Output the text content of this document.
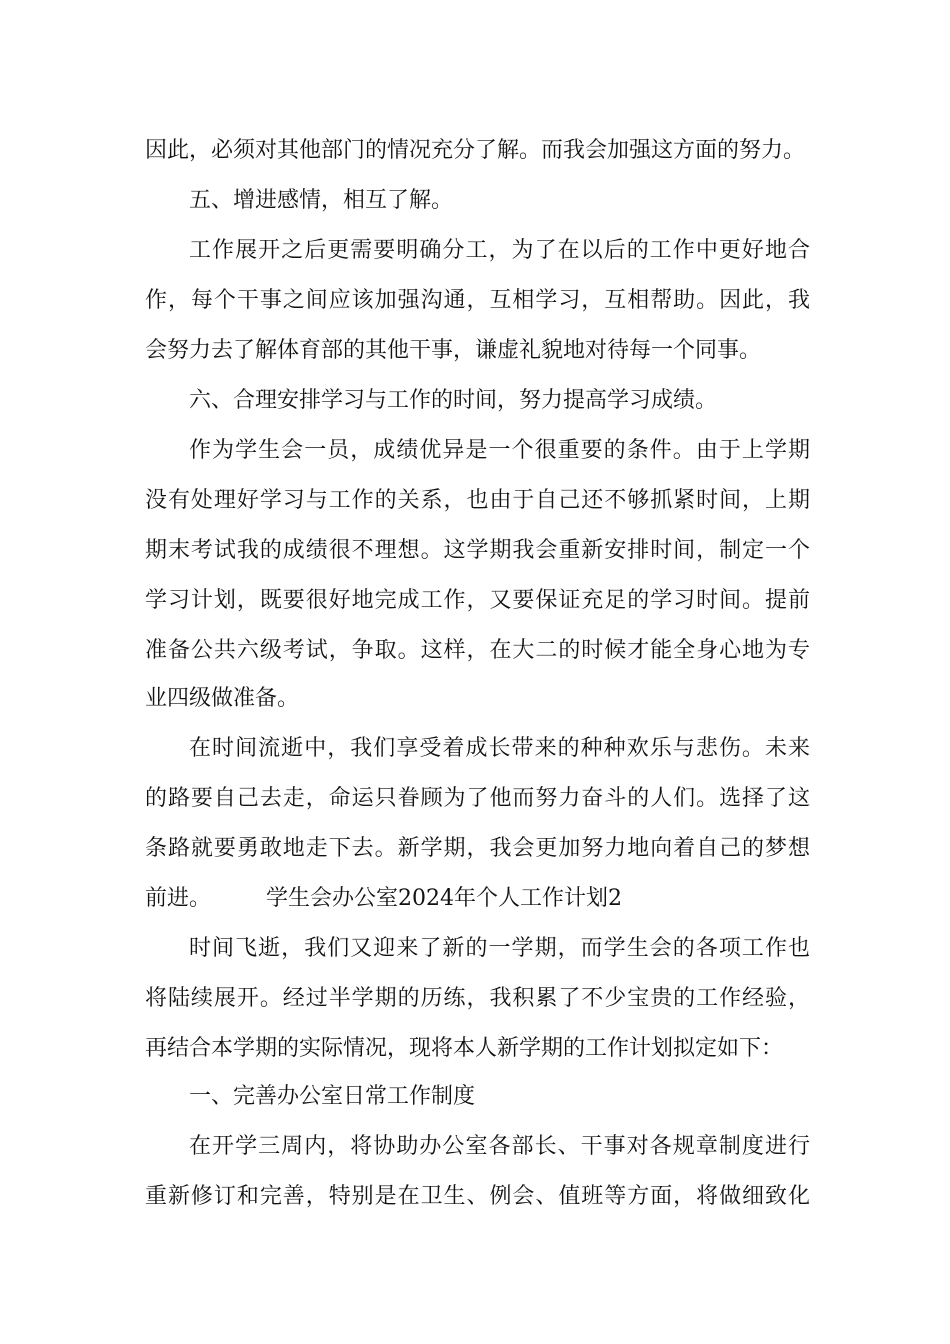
因此，必须对其他部门的情况充分了解。而我会加强这方面的努力。
五、增进感情，相互了解。
工作展开之后更需要明确分工，为了在以后的工作中更好地合
作，每个干事之间应该加强沟通，互相学习，互相帮助。因此，我
会努力去了解体育部的其他干事，谦虚礼貌地对待每一个同事。
六、合理安排学习与工作的时间，努力提高学习成绩。
作为学生会一员，成绩优异是一个很重要的条件。由于上学期
没有处理好学习与工作的关系，也由于自己还不够抓紧时间，上期
期末考试我的成绩很不理想。这学期我会重新安排时间，制定一个
学习计划，既要很好地完成工作，又要保证充足的学习时间。提前
准备公共六级考试，争取。这样，在大二的时候才能全身心地为专
业四级做准备。
在时间流逝中，我们享受着成长带来的种种欢乐与悲伤。未来
的路要自己去走，命运只眷顾为了他而努力奋斗的人们。选择了这
条路就要勇敢地走下去。新学期，我会更加努力地向着自己的梦想
前进。　　　学生会办公室2024年个人工作计划2
时间飞逝，我们又迎来了新的一学期，而学生会的各项工作也
将陆续展开。经过半学期的历练，我积累了不少宝贵的工作经验，
再结合本学期的实际情况，现将本人新学期的工作计划拟定如下：
一、完善办公室日常工作制度
在开学三周内，将协助办公室各部长、干事对各规章制度进行
重新修订和完善，特别是在卫生、例会、值班等方面，将做细致化
